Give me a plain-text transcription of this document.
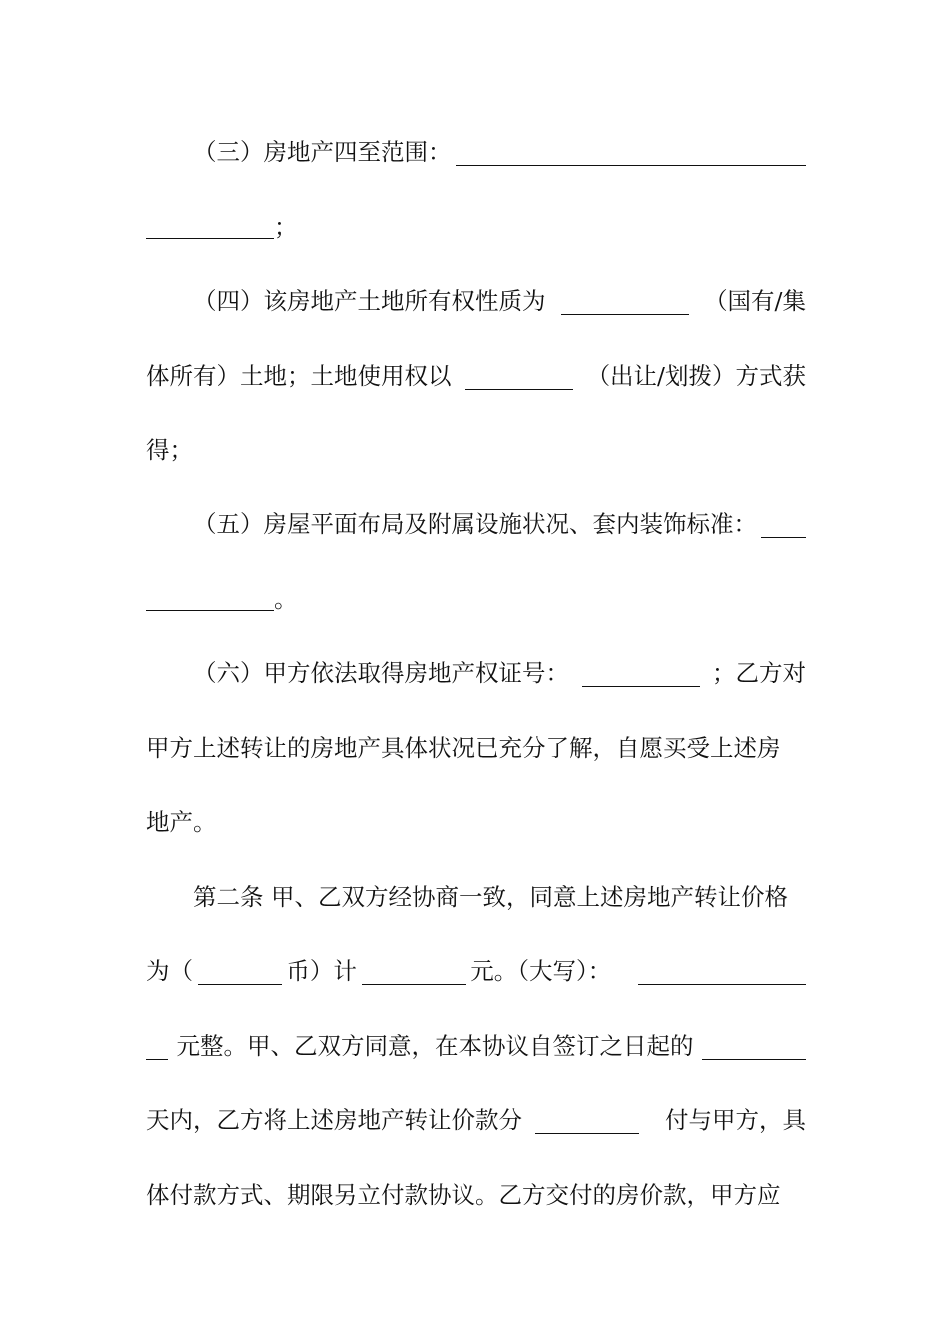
（三）房地产四至范围：
；
（四）该房地产土地所有权性质为	（国有/集
体所有）土地；土地使用权以	（出让/划拨）方式获
得；
（五）房屋平面布局及附属设施状况、套内装饰标准：
。
（六）甲方依法取得房地产权证号：	；乙方对
甲方上述转让的房地产具体状况已充分了解，自愿买受上述房
地产。
第二条 甲、乙双方经协商一致，同意上述房地产转让价格
为（	币）计	元。（大写）：
元整。甲、乙双方同意，在本协议自签订之日起的
天内，乙方将上述房地产转让价款分	付与甲方，具
体付款方式、期限另立付款协议。乙方交付的房价款，甲方应
